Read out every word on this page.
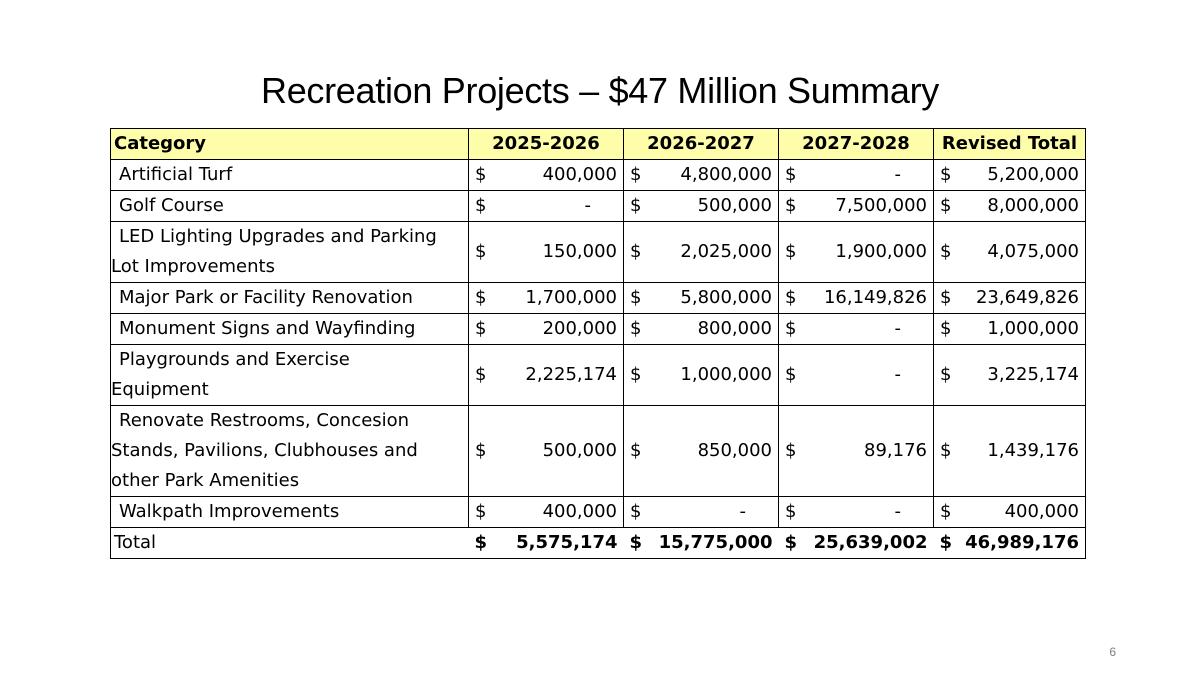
Recreation Projects – $47 Million Summary
Category	2025-2026	2026-2027	2027-2028	Revised Total
Artificial Turf	$ 400,000	$ 4,800,000	$ -	$ 5,200,000

Golf Course	$ -	$ 500,000	$ 7,500,000	$ 8,000,000

LED Lighting Upgrades and Parking
Lot Improvements	$ 150,000	$ 2,025,000	$ 1,900,000	$ 4,075,000

Major Park or Facility Renovation	$ 1,700,000	$ 5,800,000	$ 16,149,826	$ 23,649,826

Monument Signs and Wayfinding	$ 200,000	$ 800,000	$ -	$ 1,000,000

Playgrounds and Exercise
Equipment	$ 2,225,174	$ 1,000,000	$ -	$ 3,225,174

Renovate Restrooms, Concesion
Stands, Pavilions, Clubhouses and
other Park Amenities	$ 500,000	$ 850,000	$ 89,176	$ 1,439,176

Walkpath Improvements	$ 400,000	$ -	$ -	$ 400,000

Total	$ 5,575,174	$ 15,775,000	$ 25,639,002	$ 46,989,176
6
